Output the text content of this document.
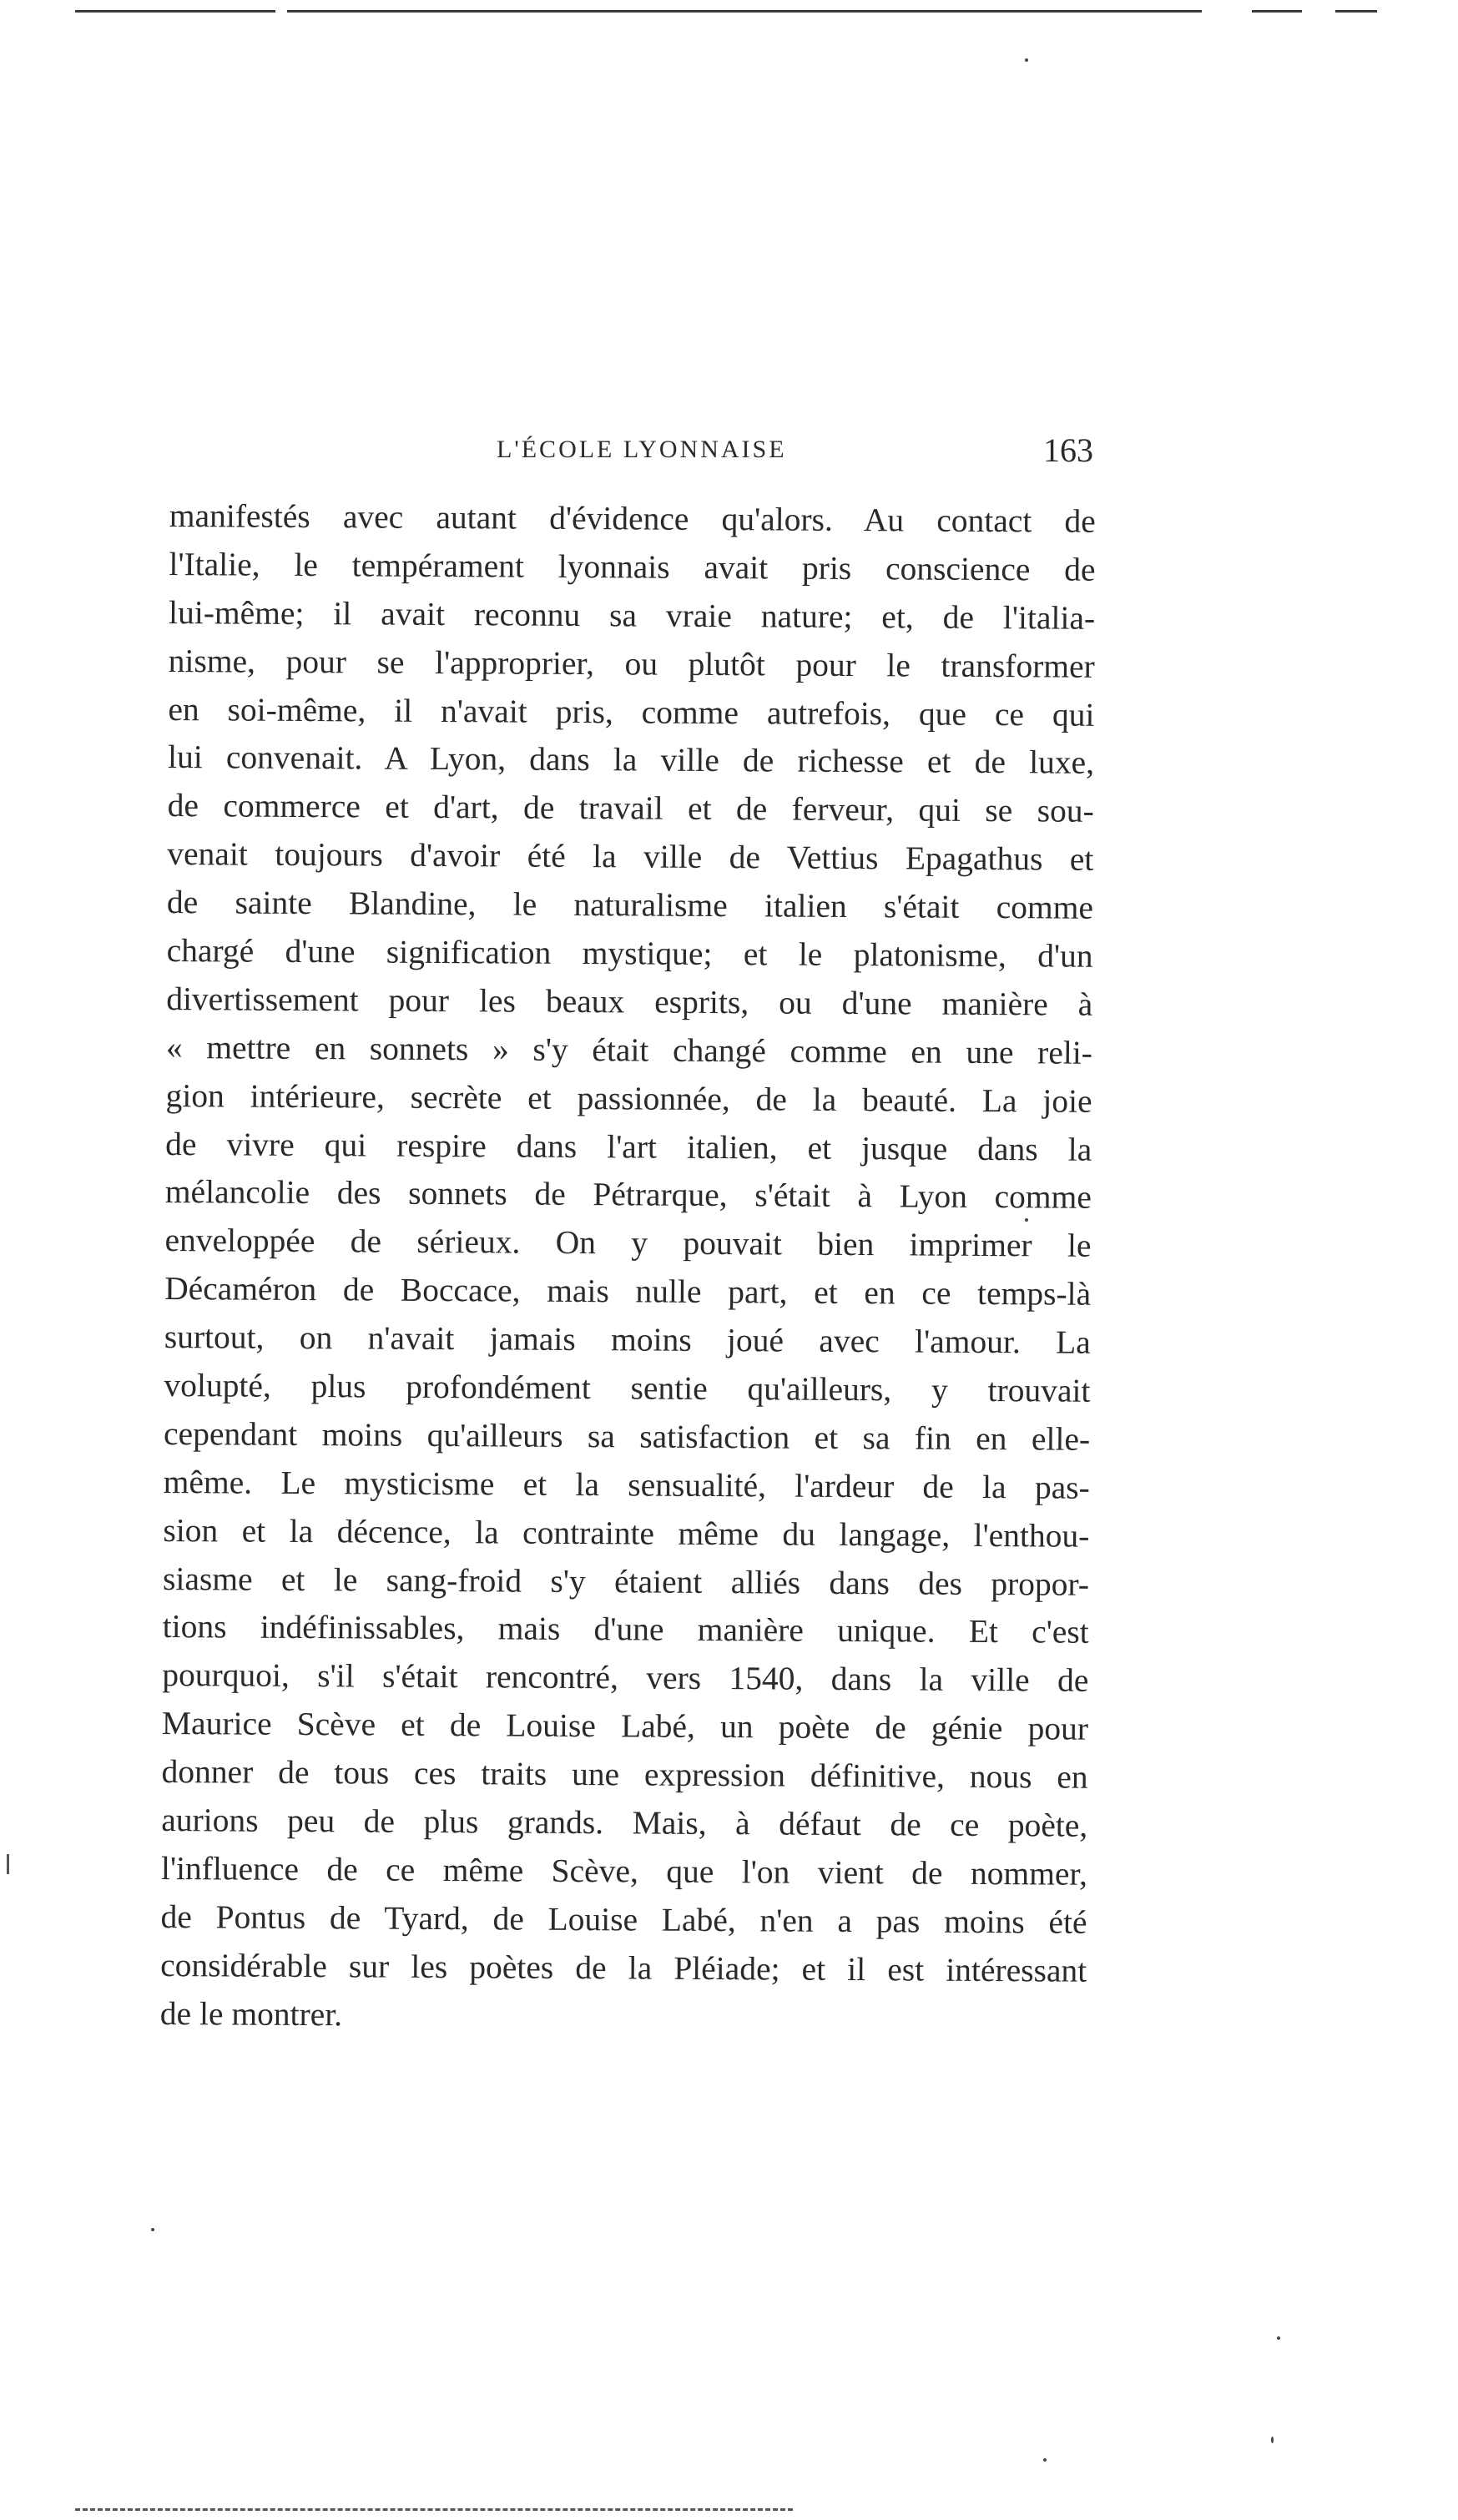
L'ÉCOLE LYONNAISE	163
manifestés avec autant d'évidence qu'alors. Au contact de
l'Italie, le tempérament lyonnais avait pris conscience de
lui-même; il avait reconnu sa vraie nature; et, de l'italia-
nisme, pour se l'approprier, ou plutôt pour le transformer
en soi-même, il n'avait pris, comme autrefois, que ce qui
lui convenait. A Lyon, dans la ville de richesse et de luxe,
de commerce et d'art, de travail et de ferveur, qui se sou-
venait toujours d'avoir été la ville de Vettius Epagathus et
de sainte Blandine, le naturalisme italien s'était comme
chargé d'une signification mystique; et le platonisme, d'un
divertissement pour les beaux esprits, ou d'une manière à
« mettre en sonnets » s'y était changé comme en une reli-
gion intérieure, secrète et passionnée, de la beauté. La joie
de vivre qui respire dans l'art italien, et jusque dans la
mélancolie des sonnets de Pétrarque, s'était à Lyon comme
enveloppée de sérieux. On y pouvait bien imprimer le
Décaméron de Boccace, mais nulle part, et en ce temps-là
surtout, on n'avait jamais moins joué avec l'amour. La
volupté, plus profondément sentie qu'ailleurs, y trouvait
cependant moins qu'ailleurs sa satisfaction et sa fin en elle-
même. Le mysticisme et la sensualité, l'ardeur de la pas-
sion et la décence, la contrainte même du langage, l'enthou-
siasme et le sang-froid s'y étaient alliés dans des propor-
tions indéfinissables, mais d'une manière unique. Et c'est
pourquoi, s'il s'était rencontré, vers 1540, dans la ville de
Maurice Scève et de Louise Labé, un poète de génie pour
donner de tous ces traits une expression définitive, nous en
aurions peu de plus grands. Mais, à défaut de ce poète,
l'influence de ce même Scève, que l'on vient de nommer,
de Pontus de Tyard, de Louise Labé, n'en a pas moins été
considérable sur les poètes de la Pléiade; et il est intéressant
de le montrer.
